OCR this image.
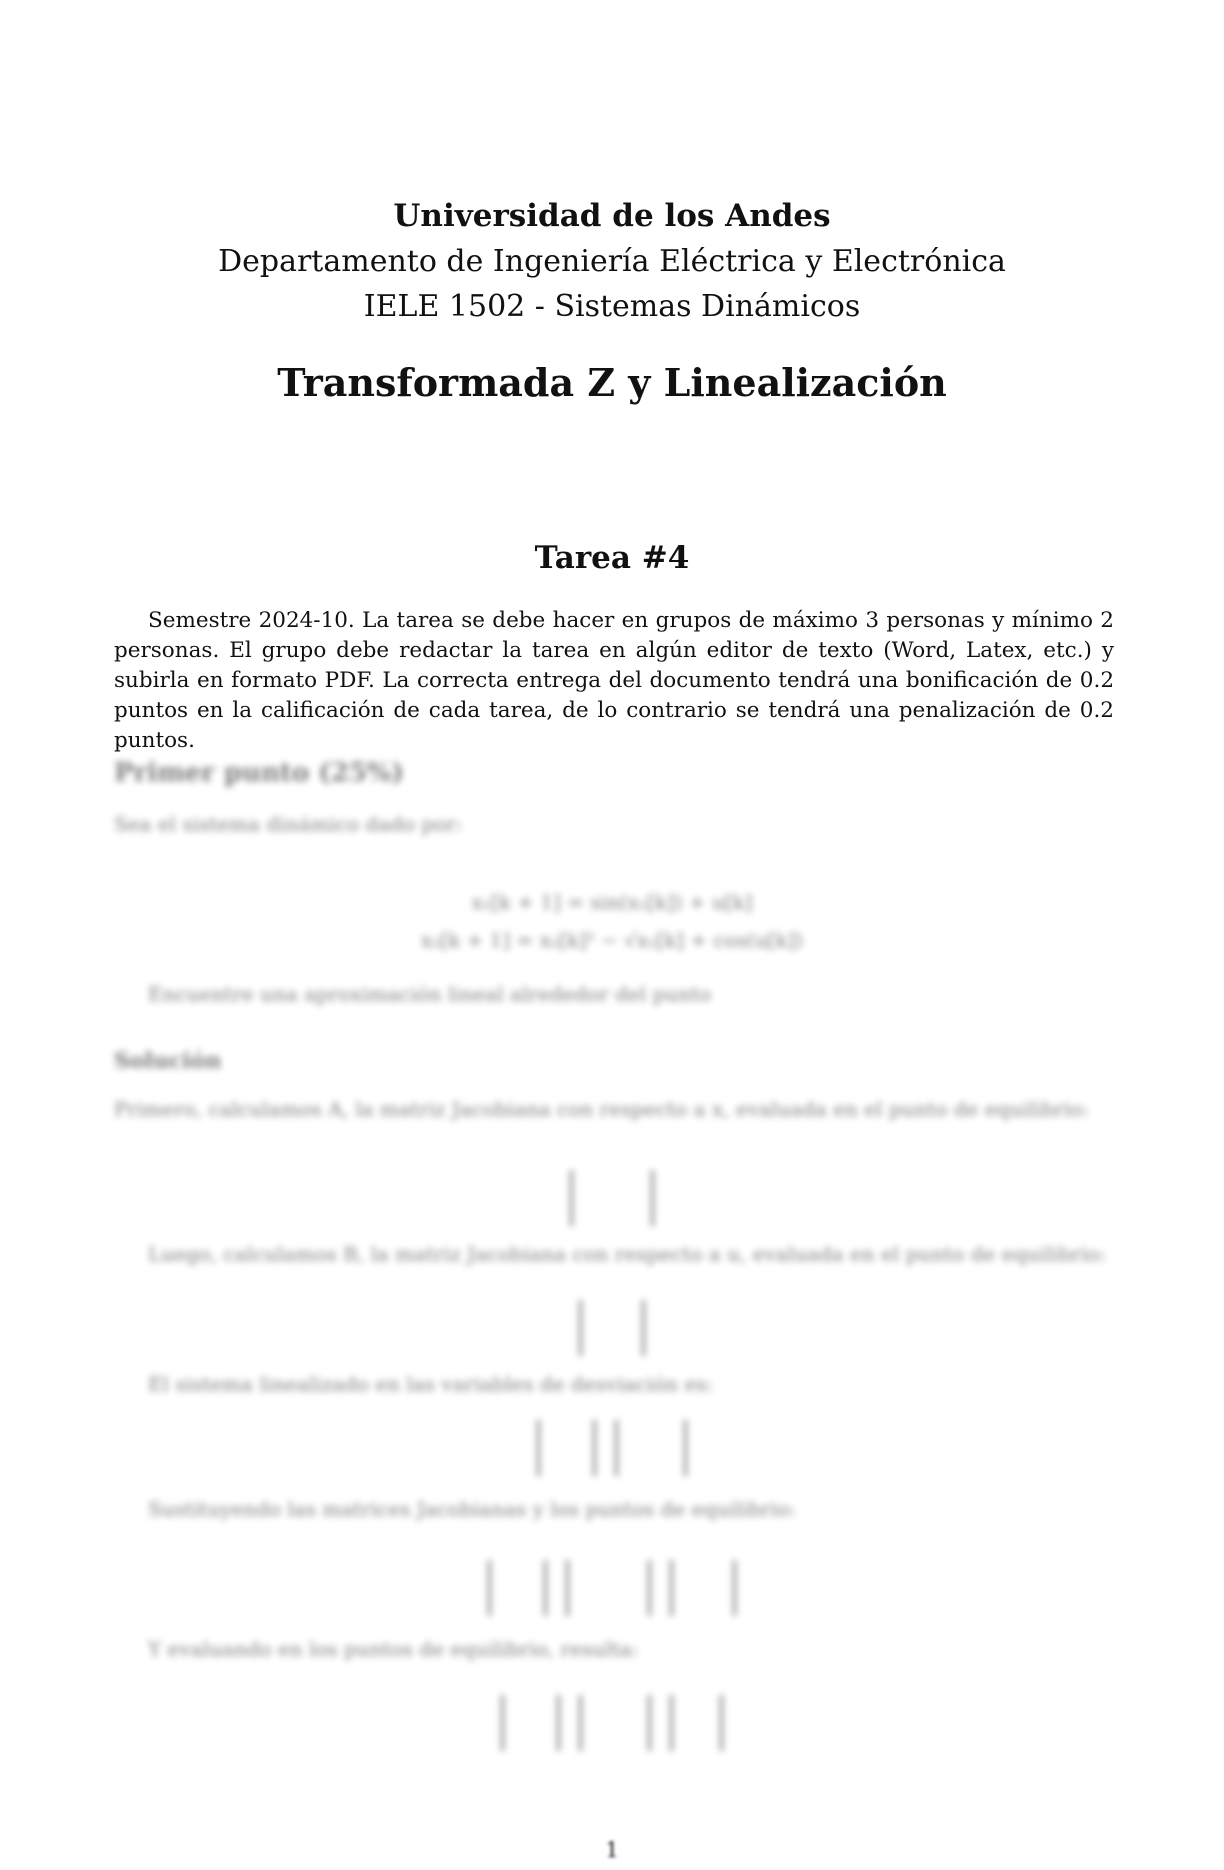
Universidad de los Andes
Departamento de Ingeniería Eléctrica y Electrónica
IELE 1502 - Sistemas Dinámicos
Transformada Z y Linealización
Tarea #4

Semestre 2024-10. La tarea se debe hacer en grupos de máximo 3 personas y mínimo 2 personas. El grupo debe redactar la tarea en algún editor de texto (Word, Latex, etc.) y subirla en formato PDF. La correcta entrega del documento tendrá una bonificación de 0.2 puntos en la calificación de cada tarea, de lo contrario se tendrá una penalización de 0.2 puntos.

Primer punto (25%)
Sea el sistema dinámico dado por:
x₁[k + 1] = sin(x₁[k]) + u[k]
x₂[k + 1] = x₂[k]² − √x₁[k] + cos(u[k])
Encuentre una aproximación lineal alrededor del punto
Solución
Primero, calculamos A, la matriz Jacobiana con respecto a x, evaluada en el punto de equilibrio:

Luego, calculamos B, la matriz Jacobiana con respecto a u, evaluada en el punto de equilibrio:

El sistema linealizado en las variables de desviación es:

Sustituyendo las matrices Jacobianas y los puntos de equilibrio:

Y evaluando en los puntos de equilibrio, resulta:

1
